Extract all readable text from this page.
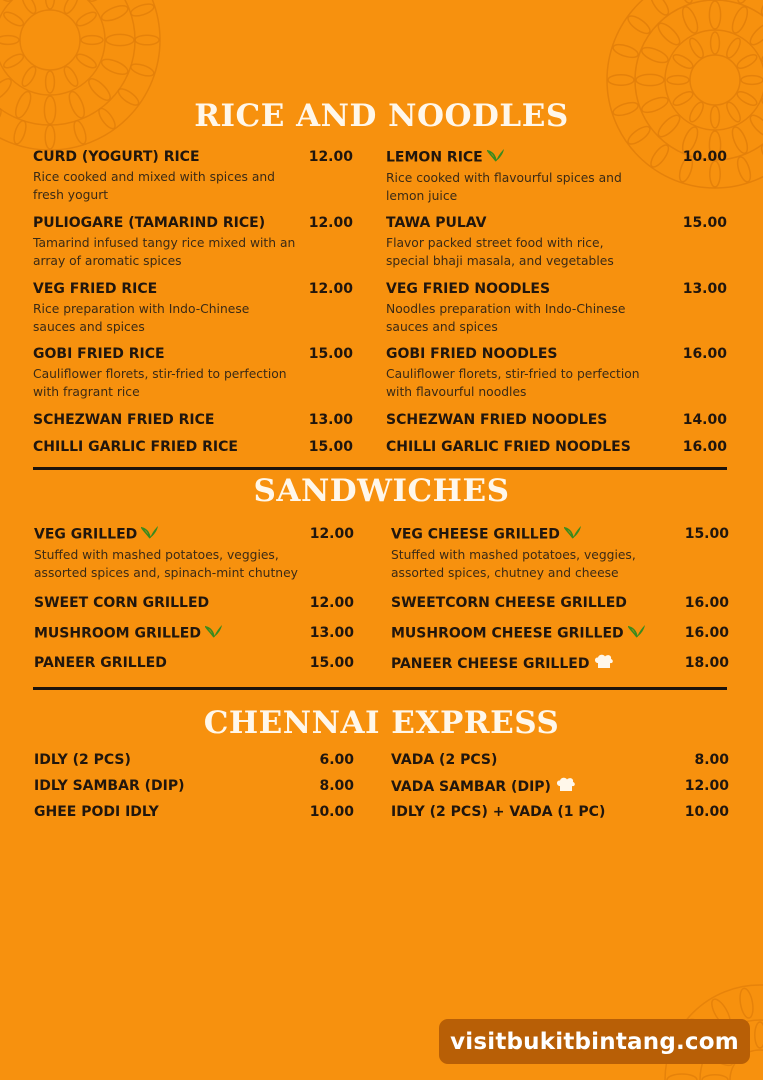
RICE AND NOODLES
CURD (YOGURT) RICE	12.00
Rice cooked and mixed with spices and
fresh yogurt
LEMON RICE	10.00
Rice cooked with flavourful spices and
lemon juice
PULIOGARE (TAMARIND RICE)	12.00
Tamarind infused tangy rice mixed with an
array of aromatic spices
TAWA PULAV	15.00
Flavor packed street food with rice,
special bhaji masala, and vegetables
VEG FRIED RICE	12.00
Rice preparation with Indo-Chinese
sauces and spices
VEG FRIED NOODLES	13.00
Noodles preparation with Indo-Chinese
sauces and spices
GOBI FRIED RICE	15.00
Cauliflower florets, stir-fried to perfection
with fragrant rice
GOBI FRIED NOODLES	16.00
Cauliflower florets, stir-fried to perfection
with flavourful noodles
SCHEZWAN FRIED RICE	13.00 SCHEZWAN FRIED NOODLES	14.00
CHILLI GARLIC FRIED RICE	15.00 CHILLI GARLIC FRIED NOODLES	16.00
SANDWICHES
VEG GRILLED	12.00
Stuffed with mashed potatoes, veggies,
assorted spices and, spinach-mint chutney
VEG CHEESE GRILLED	15.00
Stuffed with mashed potatoes, veggies,
assorted spices, chutney and cheese
SWEET CORN GRILLED	12.00	SWEETCORN CHEESE GRILLED	16.00
MUSHROOM GRILLED	13.00	MUSHROOM CHEESE GRILLED	16.00
PANEER GRILLED	15.00	PANEER CHEESE GRILLED	18.00
CHENNAI EXPRESS
IDLY (2 PCS)	6.00	VADA (2 PCS)	8.00
IDLY SAMBAR (DIP)	8.00	VADA SAMBAR (DIP)	12.00
GHEE PODI IDLY	10.00	IDLY (2 PCS) + VADA (1 PC)	10.00
visitbukitbintang.com
